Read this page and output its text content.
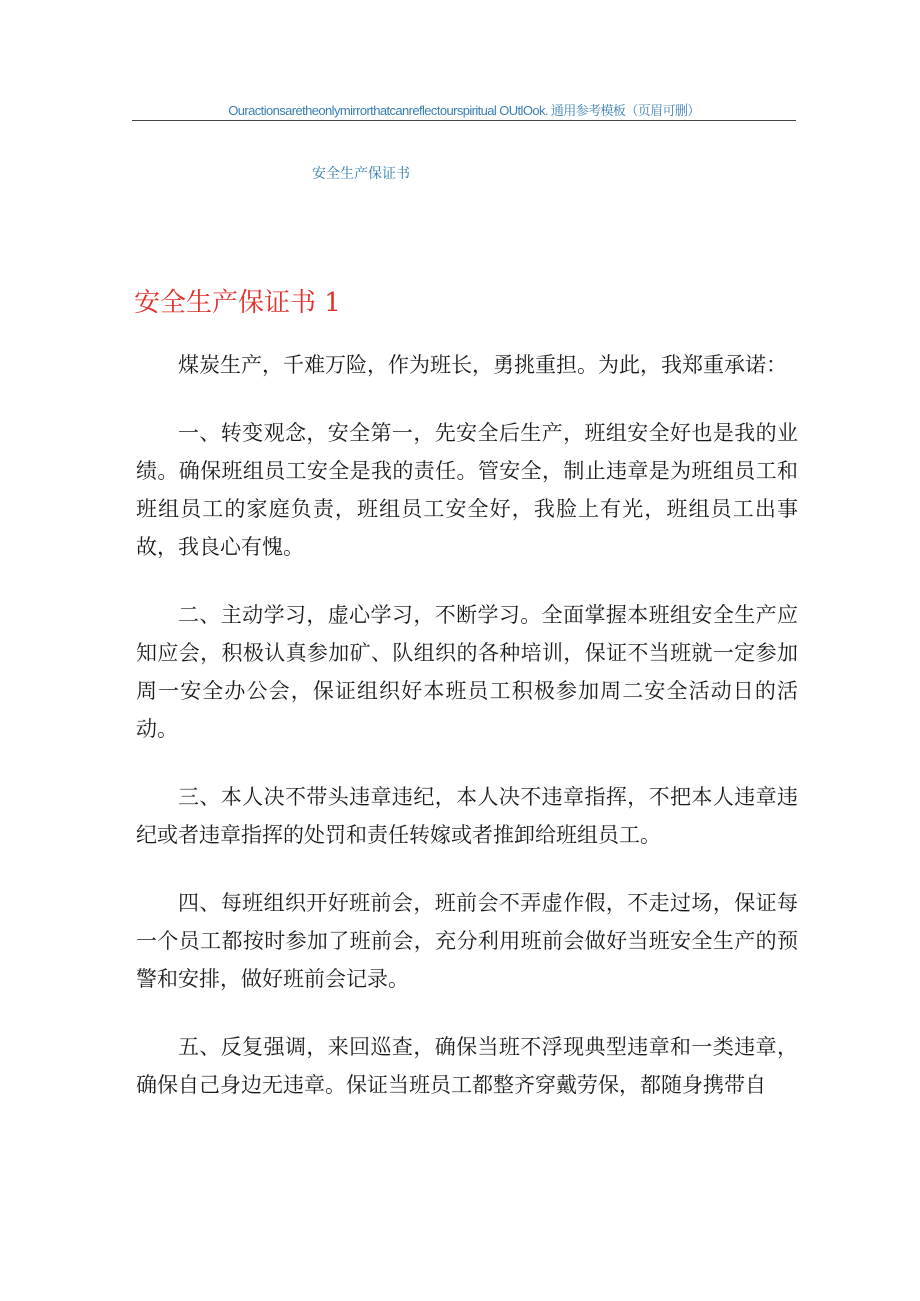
Ouractionsaretheonlymirrorthatcanreflectourspiritual OUtlOok. 通用参考模板（页眉可删）
安全生产保证书
安全生产保证书 1

煤炭生产，千难万险，作为班长，勇挑重担。为此，我郑重承诺：

一、转变观念，安全第一，先安全后生产，班组安全好也是我的业绩。确保班组员工安全是我的责任。管安全，制止违章是为班组员工和班组员工的家庭负责，班组员工安全好，我脸上有光，班组员工出事故，我良心有愧。

二、主动学习，虚心学习，不断学习。全面掌握本班组安全生产应知应会，积极认真参加矿、队组织的各种培训，保证不当班就一定参加周一安全办公会，保证组织好本班员工积极参加周二安全活动日的活动。

三、本人决不带头违章违纪，本人决不违章指挥，不把本人违章违纪或者违章指挥的处罚和责任转嫁或者推卸给班组员工。

四、每班组织开好班前会，班前会不弄虚作假，不走过场，保证每一个员工都按时参加了班前会，充分利用班前会做好当班安全生产的预警和安排，做好班前会记录。

五、反复强调，来回巡查，确保当班不浮现典型违章和一类违章，确保自己身边无违章。保证当班员工都整齐穿戴劳保，都随身携带自
